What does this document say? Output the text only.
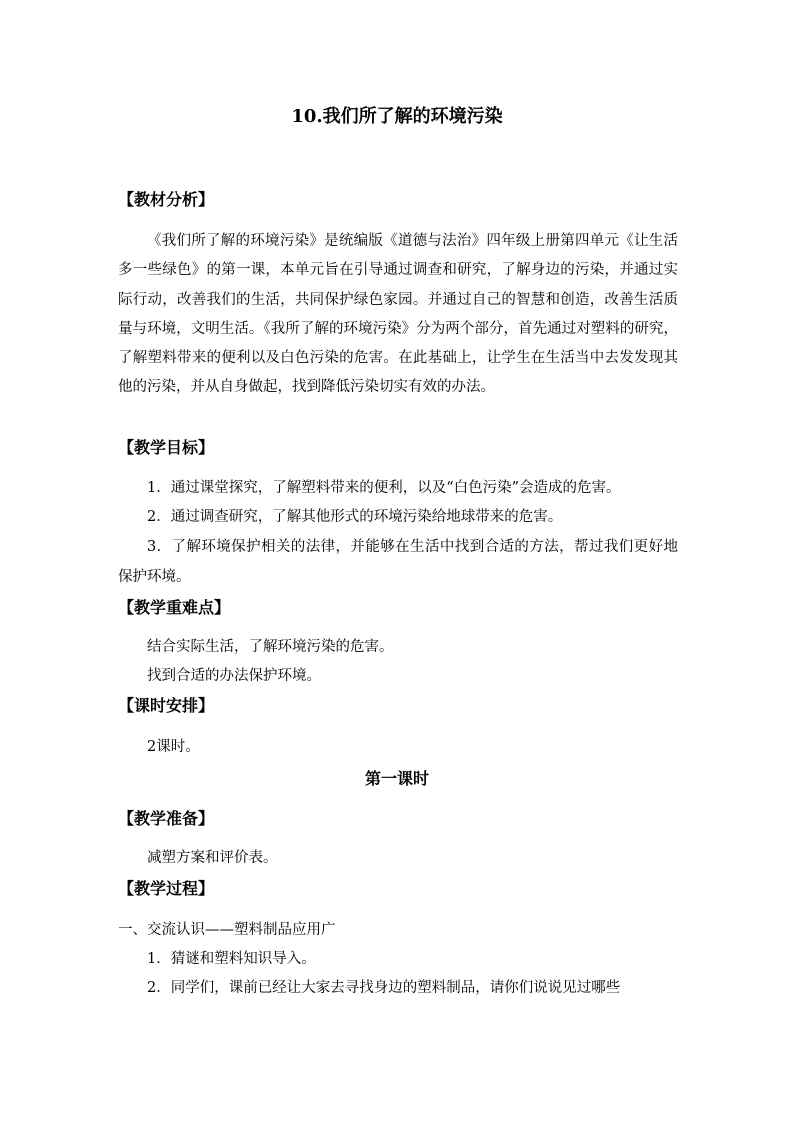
10.我们所了解的环境污染
【教材分析】

《我们所了解的环境污染》是统编版《道德与法治》四年级上册第四单元《让生活多一些绿色》的第一课，本单元旨在引导通过调查和研究，了解身边的污染，并通过实际行动，改善我们的生活，共同保护绿色家园。并通过自己的智慧和创造，改善生活质量与环境，文明生活。《我所了解的环境污染》分为两个部分，首先通过对塑料的研究，了解塑料带来的便利以及白色污染的危害。在此基础上，让学生在生活当中去发发现其他的污染，并从自身做起，找到降低污染切实有效的办法。

【教学目标】

1．通过课堂探究，了解塑料带来的便利，以及“白色污染”会造成的危害。

2．通过调查研究，了解其他形式的环境污染给地球带来的危害。

3．了解环境保护相关的法律，并能够在生活中找到合适的方法，帮过我们更好地保护环境。

【教学重难点】

结合实际生活，了解环境污染的危害。

找到合适的办法保护环境。

【课时安排】

2课时。

第一课时
【教学准备】

减塑方案和评价表。

【教学过程】

一、交流认识——塑料制品应用广

1．猜谜和塑料知识导入。

2．同学们，课前已经让大家去寻找身边的塑料制品，请你们说说见过哪些
